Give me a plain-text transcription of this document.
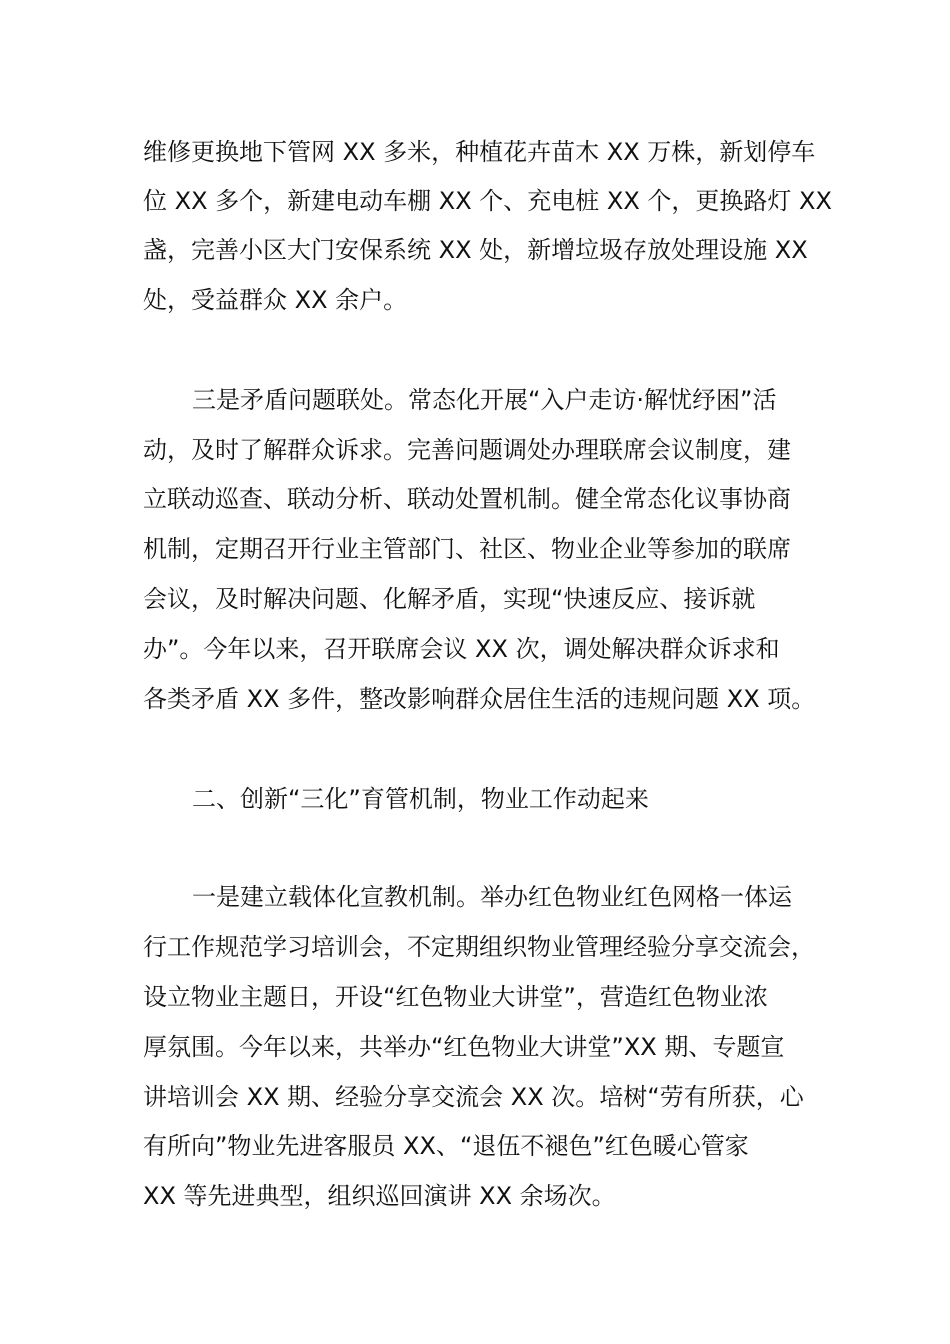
维修更换地下管网 XX 多米，种植花卉苗木 XX 万株，新划停车
位 XX 多个，新建电动车棚 XX 个、充电桩 XX 个，更换路灯 XX
盏，完善小区大门安保系统 XX 处，新增垃圾存放处理设施 XX
处，受益群众 XX 余户。
三是矛盾问题联处。常态化开展“入户走访·解忧纾困”活
动，及时了解群众诉求。完善问题调处办理联席会议制度，建
立联动巡查、联动分析、联动处置机制。健全常态化议事协商
机制，定期召开行业主管部门、社区、物业企业等参加的联席
会议，及时解决问题、化解矛盾，实现“快速反应、接诉就
办”。今年以来，召开联席会议 XX 次，调处解决群众诉求和
各类矛盾 XX 多件，整改影响群众居住生活的违规问题 XX 项。
二、创新“三化”育管机制，物业工作动起来
一是建立载体化宣教机制。举办红色物业红色网格一体运
行工作规范学习培训会，不定期组织物业管理经验分享交流会，
设立物业主题日，开设“红色物业大讲堂”，营造红色物业浓
厚氛围。今年以来，共举办“红色物业大讲堂”XX 期、专题宣
讲培训会 XX 期、经验分享交流会 XX 次。培树“劳有所获，心
有所向”物业先进客服员 XX、“退伍不褪色”红色暖心管家
XX 等先进典型，组织巡回演讲 XX 余场次。
